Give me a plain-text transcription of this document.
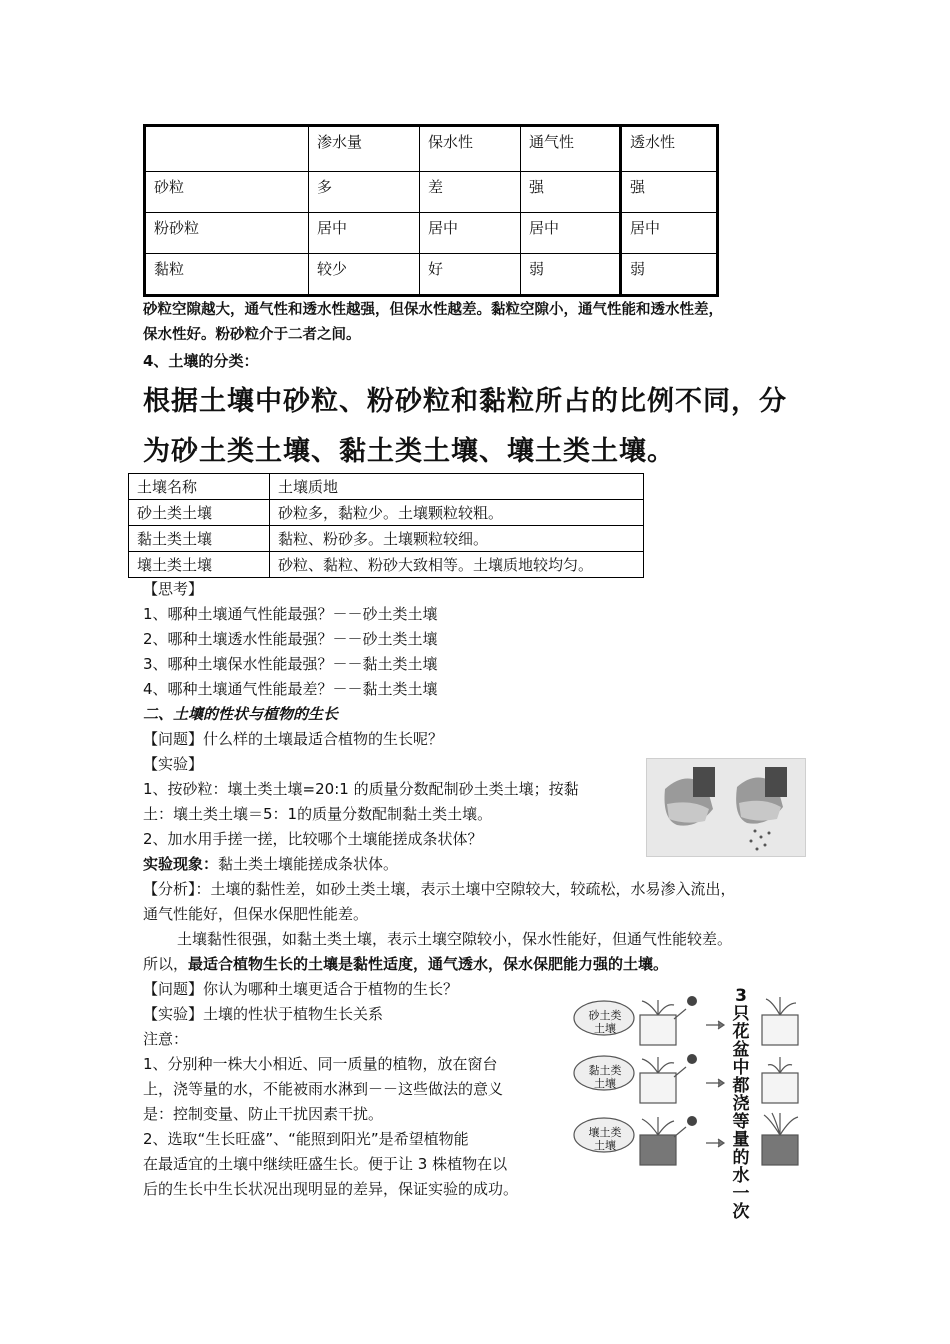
	渗水量	保水性	通气性	透水性
砂粒	多	差	强	强
粉砂粒	居中	居中	居中	居中
黏粒	较少	好	弱	弱
砂粒空隙越大，通气性和透水性越强，但保水性越差。黏粒空隙小，通气性能和透水性差，
保水性好。粉砂粒介于二者之间。
4、土壤的分类：
根据土壤中砂粒、粉砂粒和黏粒所占的比例不同，分
为砂土类土壤、黏土类土壤、壤土类土壤。
土壤名称	土壤质地
砂土类土壤	砂粒多，黏粒少。土壤颗粒较粗。
黏土类土壤	黏粒、粉砂多。土壤颗粒较细。
壤土类土壤	砂粒、黏粒、粉砂大致相等。土壤质地较均匀。
【思考】
1、哪种土壤通气性能最强？－－砂土类土壤
2、哪种土壤透水性能最强？－－砂土类土壤
3、哪种土壤保水性能最强？－－黏土类土壤
4、哪种土壤通气性能最差？－－黏土类土壤
二、土壤的性状与植物的生长
【问题】什么样的土壤最适合植物的生长呢？
【实验】
1、按砂粒：壤土类土壤=20:1 的质量分数配制砂土类土壤；按黏
土：壤土类土壤＝5：1的质量分数配制黏土类土壤。
2、加水用手搓一搓，比较哪个土壤能搓成条状体？
实验现象：黏土类土壤能搓成条状体。
【分析】：土壤的黏性差，如砂土类土壤，表示土壤中空隙较大，较疏松，水易渗入流出，
通气性能好，但保水保肥性能差。
土壤黏性很强，如黏土类土壤，表示土壤空隙较小，保水性能好，但通气性能较差。
所以，最适合植物生长的土壤是黏性适度，通气透水，保水保肥能力强的土壤。
【问题】你认为哪种土壤更适合于植物的生长？
【实验】土壤的性状于植物生长关系
注意：
1、分别种一株大小相近、同一质量的植物，放在窗台
上，浇等量的水，不能被雨水淋到－－这些做法的意义
是：控制变量、防止干扰因素干扰。
2、选取“生长旺盛”、“能照到阳光”是希望植物能
在最适宜的土壤中继续旺盛生长。便于让 3 株植物在以
后的生长中生长状况出现明显的差异，保证实验的成功。
砂土类
土壤
黏土类
土壤
壤土类
土壤
3只花盆中都浇等量的水一次
